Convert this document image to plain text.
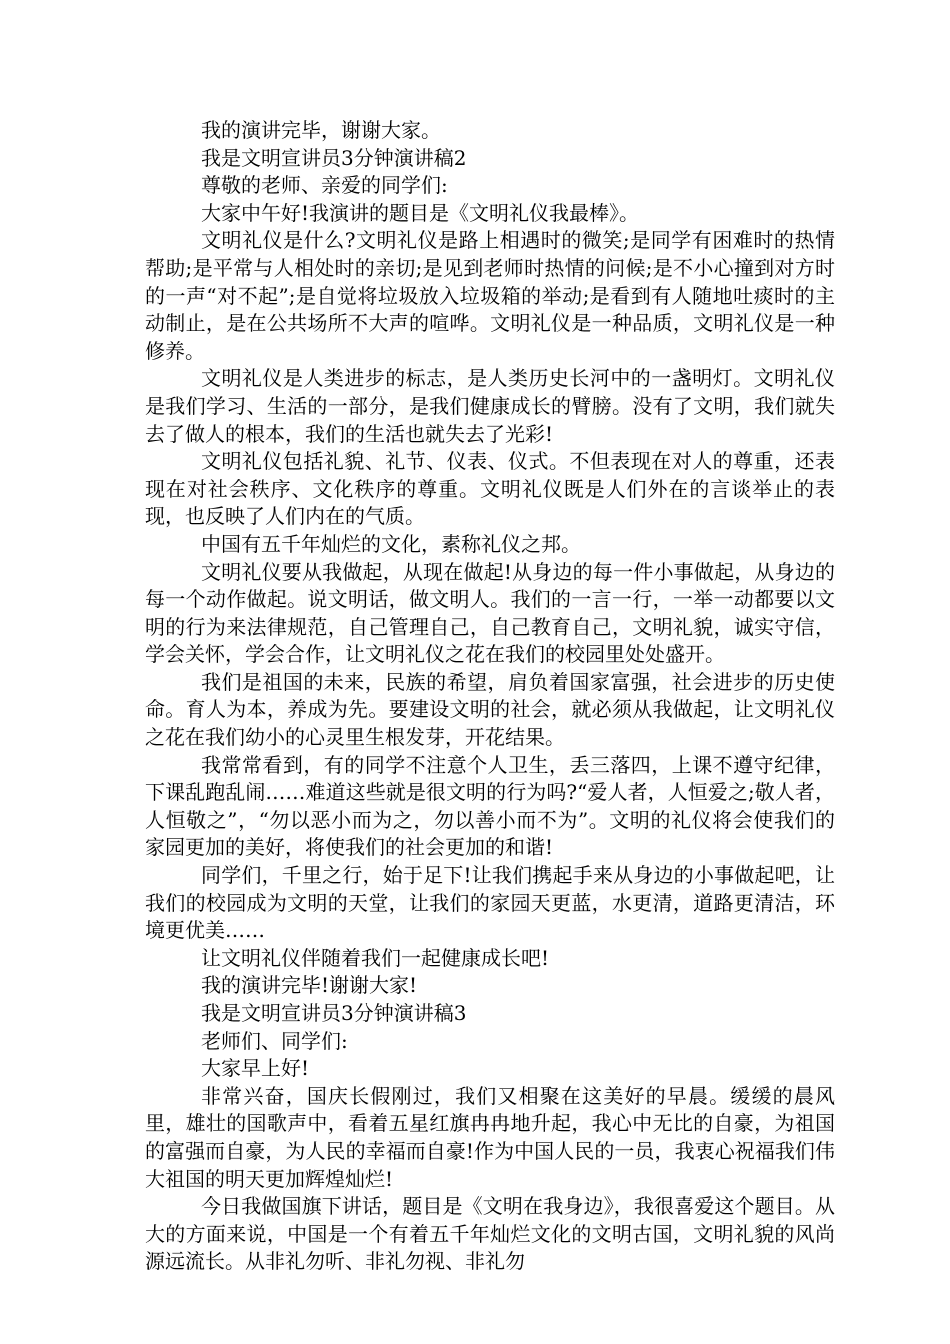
我的演讲完毕，谢谢大家。

我是文明宣讲员3分钟演讲稿2

尊敬的老师、亲爱的同学们:

大家中午好!我演讲的题目是《文明礼仪我最棒》。

文明礼仪是什么?文明礼仪是路上相遇时的微笑;是同学有困难时的热情帮助;是平常与人相处时的亲切;是见到老师时热情的问候;是不小心撞到对方时的一声“对不起”;是自觉将垃圾放入垃圾箱的举动;是看到有人随地吐痰时的主动制止，是在公共场所不大声的喧哗。文明礼仪是一种品质，文明礼仪是一种修养。

文明礼仪是人类进步的标志，是人类历史长河中的一盏明灯。文明礼仪是我们学习、生活的一部分，是我们健康成长的臂膀。没有了文明，我们就失去了做人的根本，我们的生活也就失去了光彩!

文明礼仪包括礼貌、礼节、仪表、仪式。不但表现在对人的尊重，还表现在对社会秩序、文化秩序的尊重。文明礼仪既是人们外在的言谈举止的表现，也反映了人们内在的气质。

中国有五千年灿烂的文化，素称礼仪之邦。

文明礼仪要从我做起，从现在做起!从身边的每一件小事做起，从身边的每一个动作做起。说文明话，做文明人。我们的一言一行，一举一动都要以文明的行为来法律规范，自己管理自己，自己教育自己，文明礼貌，诚实守信，学会关怀，学会合作，让文明礼仪之花在我们的校园里处处盛开。

我们是祖国的未来，民族的希望，肩负着国家富强，社会进步的历史使命。育人为本，养成为先。要建设文明的社会，就必须从我做起，让文明礼仪之花在我们幼小的心灵里生根发芽，开花结果。

我常常看到，有的同学不注意个人卫生，丢三落四，上课不遵守纪律，下课乱跑乱闹……难道这些就是很文明的行为吗?“爱人者，人恒爱之;敬人者，人恒敬之”，“勿以恶小而为之，勿以善小而不为”。文明的礼仪将会使我们的家园更加的美好，将使我们的社会更加的和谐!

同学们，千里之行，始于足下!让我们携起手来从身边的小事做起吧，让我们的校园成为文明的天堂，让我们的家园天更蓝，水更清，道路更清洁，环境更优美……

让文明礼仪伴随着我们一起健康成长吧!

我的演讲完毕!谢谢大家!

我是文明宣讲员3分钟演讲稿3

老师们、同学们:

大家早上好!

非常兴奋，国庆长假刚过，我们又相聚在这美好的早晨。缓缓的晨风里，雄壮的国歌声中，看着五星红旗冉冉地升起，我心中无比的自豪，为祖国的富强而自豪，为人民的幸福而自豪!作为中国人民的一员，我衷心祝福我们伟大祖国的明天更加辉煌灿烂!

今日我做国旗下讲话，题目是《文明在我身边》，我很喜爱这个题目。从大的方面来说，中国是一个有着五千年灿烂文化的文明古国，文明礼貌的风尚源远流长。从非礼勿听、非礼勿视、非礼勿
